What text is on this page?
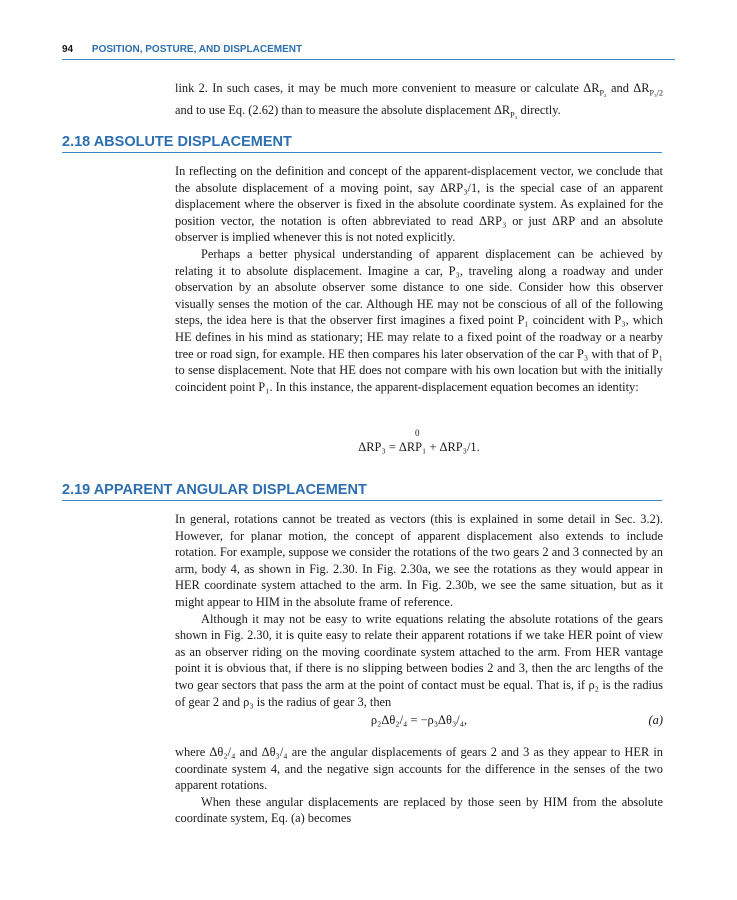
94 POSITION, POSTURE, AND DISPLACEMENT

link 2. In such cases, it may be much more convenient to measure or calculate $\Delta R_{P_2}$ and $\Delta R_{P_3/2}$ and to use Eq. (2.62) than to measure the absolute displacement $\Delta R_{P_3}$ directly.

2.18 ABSOLUTE DISPLACEMENT

In reflecting on the definition and concept of the apparent-displacement vector, we conclude that the absolute displacement of a moving point, say ΔRP₃/1, is the special case of an apparent displacement where the observer is fixed in the absolute coordinate system. As explained for the position vector, the notation is often abbreviated to read ΔRP₃ or just ΔRP and an absolute observer is implied whenever this is not noted explicitly.

Perhaps a better physical understanding of apparent displacement can be achieved by relating it to absolute displacement. Imagine a car, P₃, traveling along a roadway and under observation by an absolute observer some distance to one side. Consider how this observer visually senses the motion of the car. Although HE may not be conscious of all of the following steps, the idea here is that the observer first imagines a fixed point P₁ coincident with P₃, which HE defines in his mind as stationary; HE may relate to a fixed point of the roadway or a nearby tree or road sign, for example. HE then compares his later observation of the car P₃ with that of P₁ to sense displacement. Note that HE does not compare with his own location but with the initially coincident point P₁. In this instance, the apparent-displacement equation becomes an identity:

0
ΔRP₃ = ΔRP₁ + ΔRP₃/1.
2.19 APPARENT ANGULAR DISPLACEMENT

In general, rotations cannot be treated as vectors (this is explained in some detail in Sec. 3.2). However, for planar motion, the concept of apparent displacement also extends to include rotation. For example, suppose we consider the rotations of the two gears 2 and 3 connected by an arm, body 4, as shown in Fig. 2.30. In Fig. 2.30a, we see the rotations as they would appear in HER coordinate system attached to the arm. In Fig. 2.30b, we see the same situation, but as it might appear to HIM in the absolute frame of reference.

Although it may not be easy to write equations relating the absolute rotations of the gears shown in Fig. 2.30, it is quite easy to relate their apparent rotations if we take HER point of view as an observer riding on the moving coordinate system attached to the arm. From HER vantage point it is obvious that, if there is no slipping between bodies 2 and 3, then the arc lengths of the two gear sectors that pass the arm at the point of contact must be equal. That is, if ρ₂ is the radius of gear 2 and ρ₃ is the radius of gear 3, then

ρ₂Δθ₂/₄ = −ρ₃Δθ₃/₄,	(a)

where Δθ₂/₄ and Δθ₃/₄ are the angular displacements of gears 2 and 3 as they appear to HER in coordinate system 4, and the negative sign accounts for the difference in the senses of the two apparent rotations.

When these angular displacements are replaced by those seen by HIM from the absolute coordinate system, Eq. (a) becomes
